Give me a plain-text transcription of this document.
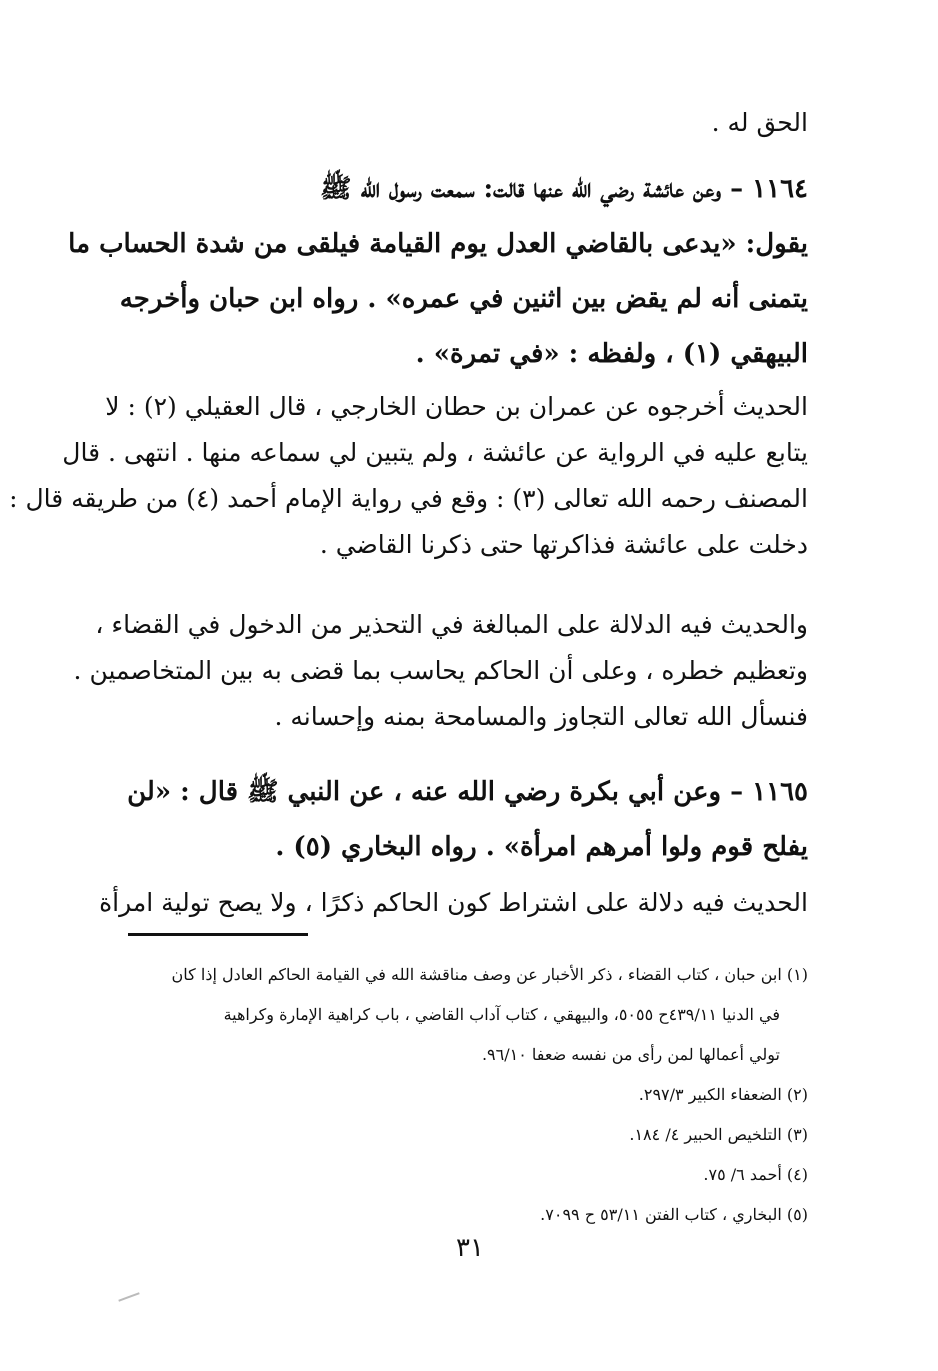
الحق له .
١١٦٤ – وعن عائشة رضي الله عنها قالت: سمعت رسول الله ﷺ
يقول: «يدعى بالقاضي العدل يوم القيامة فيلقى من شدة الحساب ما
يتمنى أنه لم يقض بين اثنين في عمره» . رواه ابن حبان وأخرجه
البيهقي (١) ، ولفظه : «في تمرة» .
الحديث أخرجوه عن عمران بن حطان الخارجي ، قال العقيلي (٢) : لا
يتابع عليه في الرواية عن عائشة ، ولم يتبين لي سماعه منها . انتهى . قال
المصنف رحمه الله تعالى (٣) : وقع في رواية الإمام أحمد (٤) من طريقه قال :
دخلت على عائشة فذاكرتها حتى ذكرنا القاضي .
والحديث فيه الدلالة على المبالغة في التحذير من الدخول في القضاء ،
وتعظيم خطره ، وعلى أن الحاكم يحاسب بما قضى به بين المتخاصمين .
فنسأل الله تعالى التجاوز والمسامحة بمنه وإحسانه .
١١٦٥ – وعن أبي بكرة رضي الله عنه ، عن النبي ﷺ قال : «لن
يفلح قوم ولوا أمرهم امرأة» . رواه البخاري (٥) .
الحديث فيه دلالة على اشتراط كون الحاكم ذكرًا ، ولا يصح تولية امرأة
(١) ابن حبان ، كتاب القضاء ، ذكر الأخبار عن وصف مناقشة الله في القيامة الحاكم العادل إذا كان
في الدنيا ٤٣٩/١١ح ٥٠٥٥، والبيهقي ، كتاب آداب القاضي ، باب كراهية الإمارة وكراهية
تولي أعمالها لمن رأى من نفسه ضعفا ٩٦/١٠.
(٢) الضعفاء الكبير ٢٩٧/٣.
(٣) التلخيص الحبير ٤/ ١٨٤.
(٤) أحمد ٦/ ٧٥.
(٥) البخاري ، كتاب الفتن ٥٣/١١ ح ٧٠٩٩.
٣١
